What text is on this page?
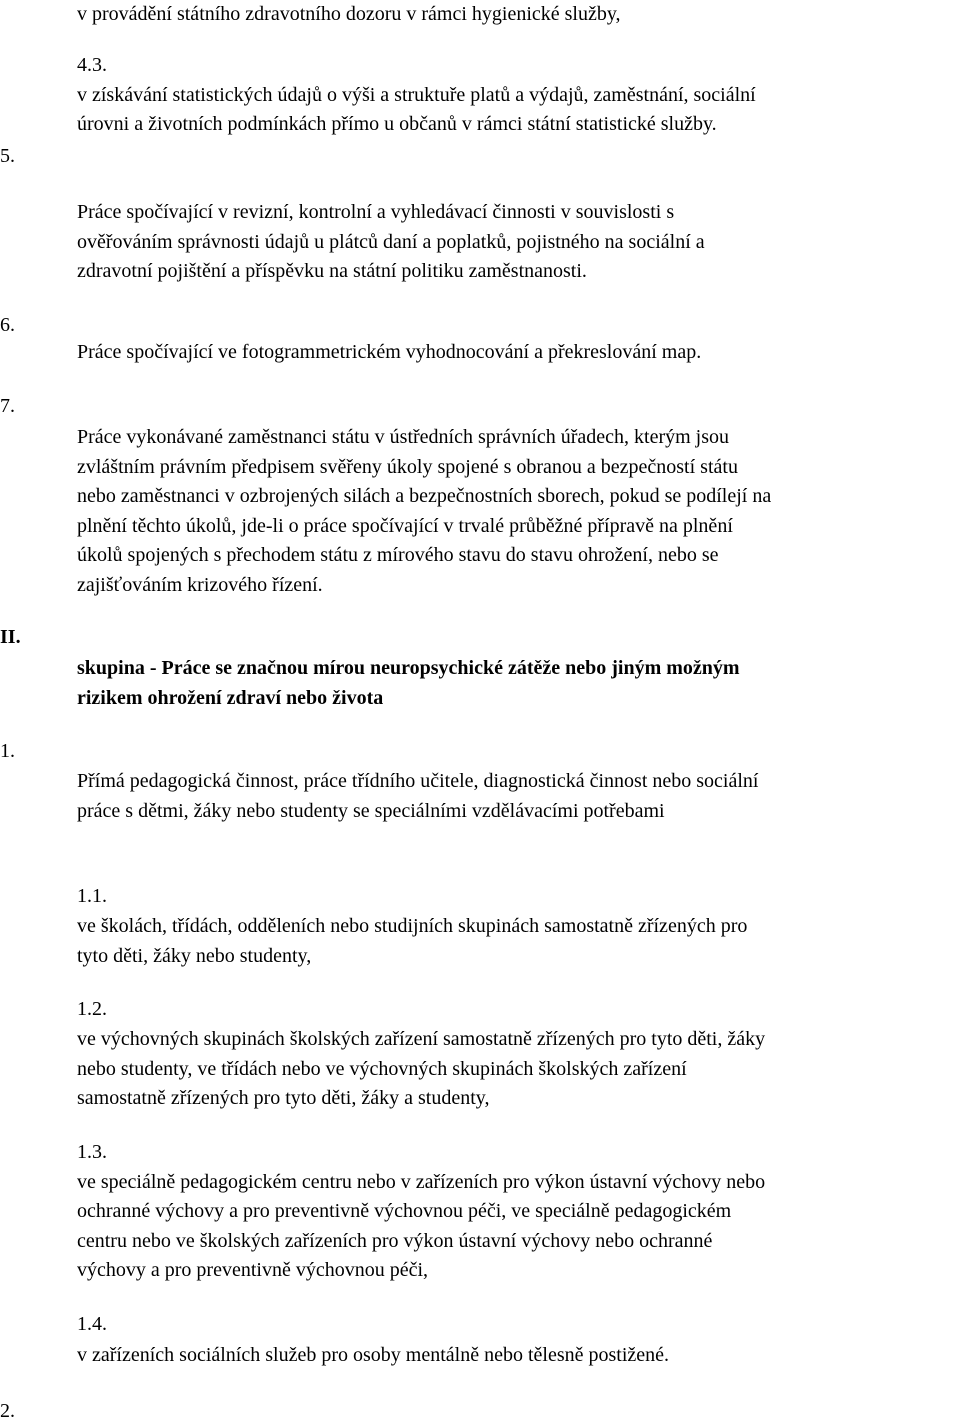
v provádění státního zdravotního dozoru v rámci hygienické služby,

4.3.

v získávání statistických údajů o výši a struktuře platů a výdajů, zaměstnání, sociální

úrovni a životních podmínkách přímo u občanů v rámci státní statistické služby.

5.

Práce spočívající v revizní, kontrolní a vyhledávací činnosti v souvislosti s

ověřováním správnosti údajů u plátců daní a poplatků, pojistného na sociální a

zdravotní pojištění a příspěvku na státní politiku zaměstnanosti.

6.

Práce spočívající ve fotogrammetrickém vyhodnocování a překreslování map.

7.

Práce vykonávané zaměstnanci státu v ústředních správních úřadech, kterým jsou

zvláštním právním předpisem svěřeny úkoly spojené s obranou a bezpečností státu

nebo zaměstnanci v ozbrojených silách a bezpečnostních sborech, pokud se podílejí na

plnění těchto úkolů, jde-li o práce spočívající v trvalé průběžné přípravě na plnění

úkolů spojených s přechodem státu z mírového stavu do stavu ohrožení, nebo se

zajišťováním krizového řízení.

II.

skupina - Práce se značnou mírou neuropsychické zátěže nebo jiným možným

rizikem ohrožení zdraví nebo života

1.

Přímá pedagogická činnost, práce třídního učitele, diagnostická činnost nebo sociální

práce s dětmi, žáky nebo studenty se speciálními vzdělávacími potřebami

1.1.

ve školách, třídách, odděleních nebo studijních skupinách samostatně zřízených pro

tyto děti, žáky nebo studenty,

1.2.

ve výchovných skupinách školských zařízení samostatně zřízených pro tyto děti, žáky

nebo studenty, ve třídách nebo ve výchovných skupinách školských zařízení

samostatně zřízených pro tyto děti, žáky a studenty,

1.3.

ve speciálně pedagogickém centru nebo v zařízeních pro výkon ústavní výchovy nebo

ochranné výchovy a pro preventivně výchovnou péči, ve speciálně pedagogickém

centru nebo ve školských zařízeních pro výkon ústavní výchovy nebo ochranné

výchovy a pro preventivně výchovnou péči,

1.4.

v zařízeních sociálních služeb pro osoby mentálně nebo tělesně postižené.

2.
